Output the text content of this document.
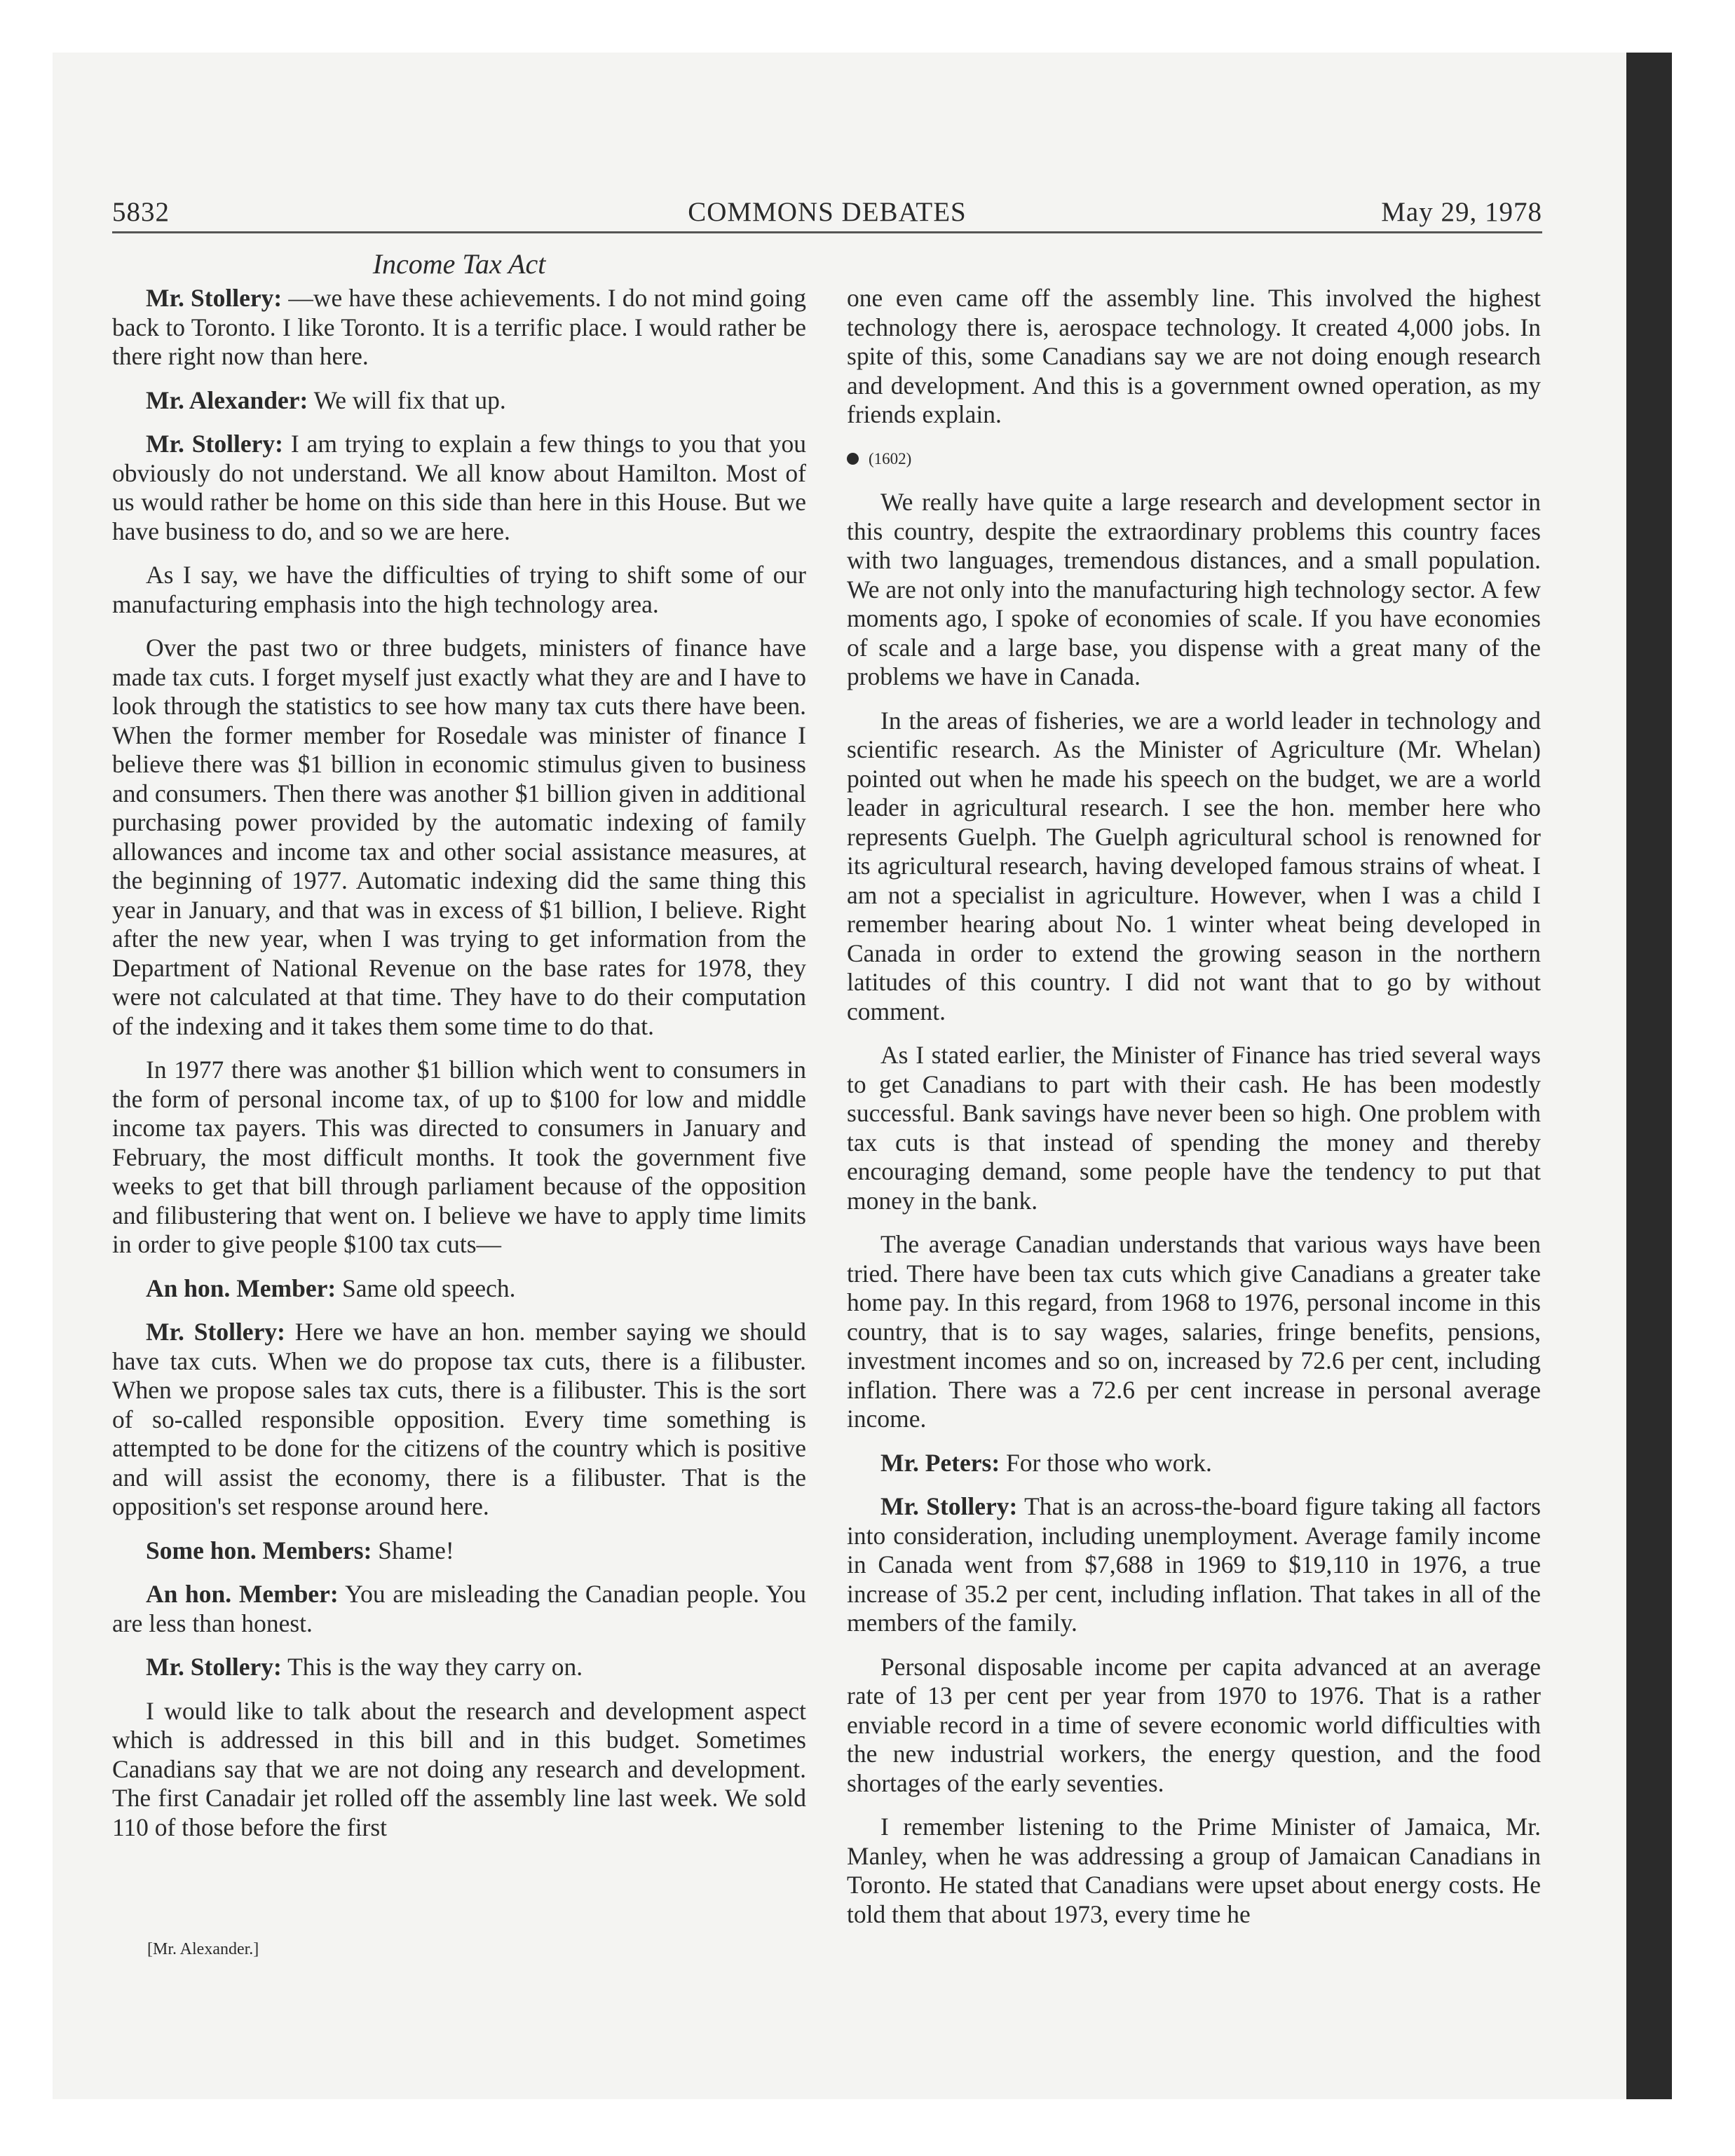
5832	COMMONS DEBATES	May 29, 1978
Income Tax Act

Mr. Stollery: —we have these achievements. I do not mind going back to Toronto. I like Toronto. It is a terrific place. I would rather be there right now than here.

Mr. Alexander: We will fix that up.

Mr. Stollery: I am trying to explain a few things to you that you obviously do not understand. We all know about Hamilton. Most of us would rather be home on this side than here in this House. But we have business to do, and so we are here.

As I say, we have the difficulties of trying to shift some of our manufacturing emphasis into the high technology area.

Over the past two or three budgets, ministers of finance have made tax cuts. I forget myself just exactly what they are and I have to look through the statistics to see how many tax cuts there have been. When the former member for Rosedale was minister of finance I believe there was $1 billion in economic stimulus given to business and consumers. Then there was another $1 billion given in additional purchasing power provided by the automatic indexing of family allowances and income tax and other social assistance measures, at the beginning of 1977. Automatic indexing did the same thing this year in January, and that was in excess of $1 billion, I believe. Right after the new year, when I was trying to get information from the Department of National Revenue on the base rates for 1978, they were not calculated at that time. They have to do their computation of the indexing and it takes them some time to do that.

In 1977 there was another $1 billion which went to consumers in the form of personal income tax, of up to $100 for low and middle income tax payers. This was directed to consumers in January and February, the most difficult months. It took the government five weeks to get that bill through parliament because of the opposition and filibustering that went on. I believe we have to apply time limits in order to give people $100 tax cuts—

An hon. Member: Same old speech.

Mr. Stollery: Here we have an hon. member saying we should have tax cuts. When we do propose tax cuts, there is a filibuster. When we propose sales tax cuts, there is a filibuster. This is the sort of so-called responsible opposition. Every time something is attempted to be done for the citizens of the country which is positive and will assist the economy, there is a filibuster. That is the opposition's set response around here.

Some hon. Members: Shame!

An hon. Member: You are misleading the Canadian people. You are less than honest.

Mr. Stollery: This is the way they carry on.

I would like to talk about the research and development aspect which is addressed in this bill and in this budget. Sometimes Canadians say that we are not doing any research and development. The first Canadair jet rolled off the assembly line last week. We sold 110 of those before the first

one even came off the assembly line. This involved the highest technology there is, aerospace technology. It created 4,000 jobs. In spite of this, some Canadians say we are not doing enough research and development. And this is a government owned operation, as my friends explain.

(1602)

We really have quite a large research and development sector in this country, despite the extraordinary problems this country faces with two languages, tremendous distances, and a small population. We are not only into the manufacturing high technology sector. A few moments ago, I spoke of economies of scale. If you have economies of scale and a large base, you dispense with a great many of the problems we have in Canada.

In the areas of fisheries, we are a world leader in technology and scientific research. As the Minister of Agriculture (Mr. Whelan) pointed out when he made his speech on the budget, we are a world leader in agricultural research. I see the hon. member here who represents Guelph. The Guelph agricultural school is renowned for its agricultural research, having developed famous strains of wheat. I am not a specialist in agriculture. However, when I was a child I remember hearing about No. 1 winter wheat being developed in Canada in order to extend the growing season in the northern latitudes of this country. I did not want that to go by without comment.

As I stated earlier, the Minister of Finance has tried several ways to get Canadians to part with their cash. He has been modestly successful. Bank savings have never been so high. One problem with tax cuts is that instead of spending the money and thereby encouraging demand, some people have the tendency to put that money in the bank.

The average Canadian understands that various ways have been tried. There have been tax cuts which give Canadians a greater take home pay. In this regard, from 1968 to 1976, personal income in this country, that is to say wages, salaries, fringe benefits, pensions, investment incomes and so on, increased by 72.6 per cent, including inflation. There was a 72.6 per cent increase in personal average income.

Mr. Peters: For those who work.

Mr. Stollery: That is an across-the-board figure taking all factors into consideration, including unemployment. Average family income in Canada went from $7,688 in 1969 to $19,110 in 1976, a true increase of 35.2 per cent, including inflation. That takes in all of the members of the family.

Personal disposable income per capita advanced at an average rate of 13 per cent per year from 1970 to 1976. That is a rather enviable record in a time of severe economic world difficulties with the new industrial workers, the energy question, and the food shortages of the early seventies.

I remember listening to the Prime Minister of Jamaica, Mr. Manley, when he was addressing a group of Jamaican Canadians in Toronto. He stated that Canadians were upset about energy costs. He told them that about 1973, every time he

[Mr. Alexander.]
